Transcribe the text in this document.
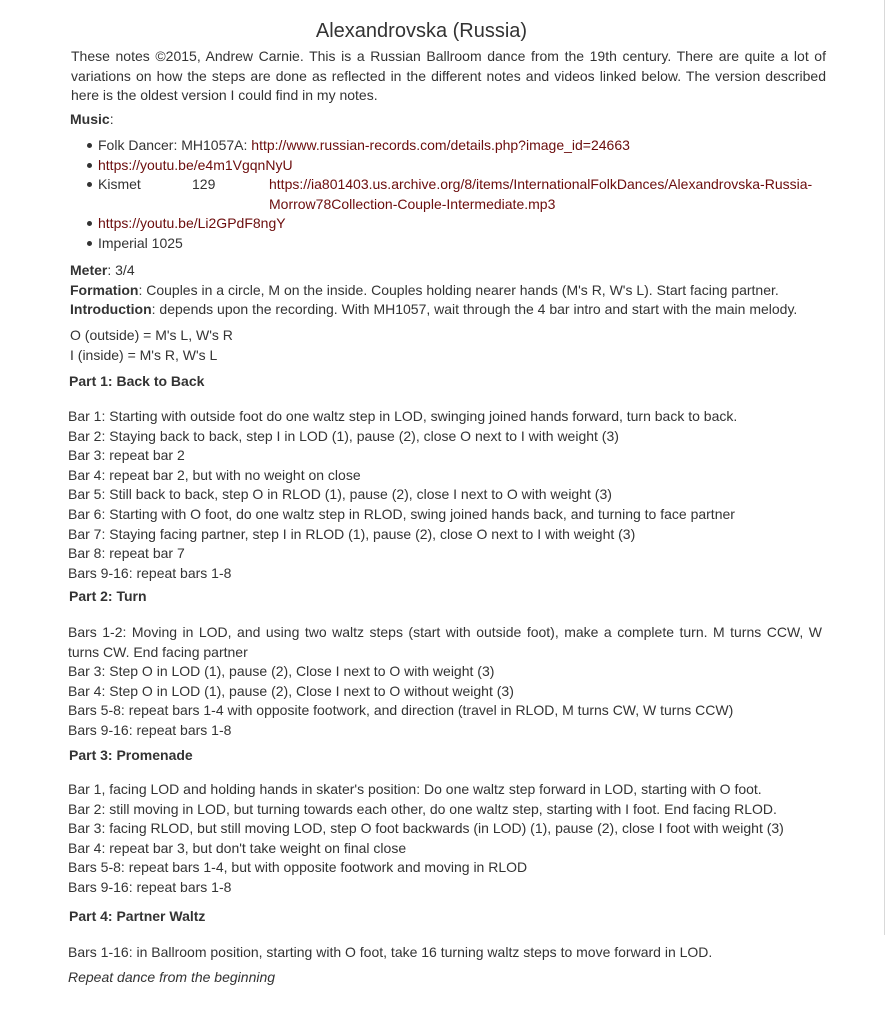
Alexandrovska (Russia)

These notes ©2015, Andrew Carnie. This is a Russian Ballroom dance from the 19th century. There are quite a lot of variations on how the steps are done as reflected in the different notes and videos linked below. The version described here is the oldest version I could find in my notes.

Music:

Folk Dancer: MH1057A: http://www.russian-records.com/details.php?image_id=24663
https://youtu.be/e4m1VgqnNyU
Kismet	129	https://ia801403.us.archive.org/8/items/InternationalFolkDances/Alexandrovska-Russia-Morrow78Collection-Couple-Intermediate.mp3
https://youtu.be/Li2GPdF8ngY
Imperial 1025
Meter: 3/4
Formation: Couples in a circle, M on the inside. Couples holding nearer hands (M's R, W's L). Start facing partner.
Introduction: depends upon the recording. With MH1057, wait through the 4 bar intro and start with the main melody.
O (outside) = M's L, W's R
I (inside) = M's R, W's L

Part 1: Back to Back

Bar 1: Starting with outside foot do one waltz step in LOD, swinging joined hands forward, turn back to back.
Bar 2: Staying back to back, step I in LOD (1), pause (2), close O next to I with weight (3)
Bar 3: repeat bar 2
Bar 4: repeat bar 2, but with no weight on close
Bar 5: Still back to back, step O in RLOD (1), pause (2), close I next to O with weight (3)
Bar 6: Starting with O foot, do one waltz step in RLOD, swing joined hands back, and turning to face partner
Bar 7: Staying facing partner, step I in RLOD (1), pause (2), close O next to I with weight (3)
Bar 8: repeat bar 7
Bars 9-16: repeat bars 1-8

Part 2: Turn

Bars 1-2: Moving in LOD, and using two waltz steps (start with outside foot), make a complete turn. M turns CCW, W turns CW. End facing partner
Bar 3: Step O in LOD (1), pause (2), Close I next to O with weight (3)
Bar 4: Step O in LOD (1), pause (2), Close I next to O without weight (3)
Bars 5-8: repeat bars 1-4 with opposite footwork, and direction (travel in RLOD, M turns CW, W turns CCW)
Bars 9-16: repeat bars 1-8

Part 3: Promenade

Bar 1, facing LOD and holding hands in skater's position: Do one waltz step forward in LOD, starting with O foot.
Bar 2: still moving in LOD, but turning towards each other, do one waltz step, starting with I foot. End facing RLOD.
Bar 3: facing RLOD, but still moving LOD, step O foot backwards (in LOD) (1), pause (2), close I foot with weight (3)
Bar 4: repeat bar 3, but don't take weight on final close
Bars 5-8: repeat bars 1-4, but with opposite footwork and moving in RLOD
Bars 9-16: repeat bars 1-8

Part 4: Partner Waltz

Bars 1-16: in Ballroom position, starting with O foot, take 16 turning waltz steps to move forward in LOD.

Repeat dance from the beginning
